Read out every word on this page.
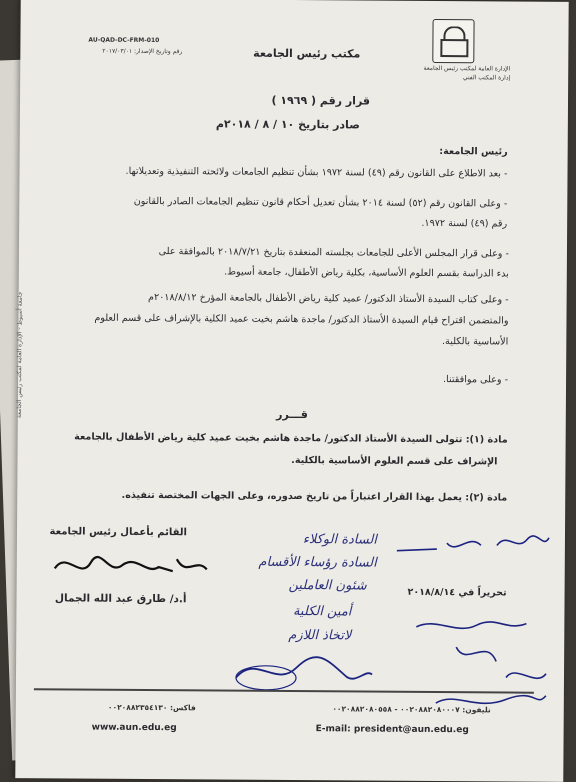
AU-QAD-DC-FRM-010
رقم وتاريخ الإصدار: ٢٠١٧/٠٣/٠١	مكتب رئيس الجامعة
الإدارة العامة لمكتب رئيس الجامعة
إدارة المكتب الفني
قرار رقم ( ١٩٦٩ )
صادر بتاريخ ١٠ / ٨ / ٢٠١٨م
رئيس الجامعة:
- بعد الاطلاع على القانون رقم (٤٩) لسنة ١٩٧٢ بشأن تنظيم الجامعات ولائحته التنفيذية وتعديلاتها.
- وعلى القانون رقم (٥٢) لسنة ٢٠١٤ بشأن تعديل أحكام قانون تنظيم الجامعات الصادر بالقانون
رقم (٤٩) لسنة ١٩٧٢.
- وعلى قرار المجلس الأعلى للجامعات بجلسته المنعقدة بتاريخ ٢٠١٨/٧/٢١ بالموافقة على
بدء الدراسة بقسم العلوم الأساسية، بكلية رياض الأطفال، جامعة أسيوط.
- وعلى كتاب السيدة الأستاذ الدكتور/ عميد كلية رياض الأطفال بالجامعة المؤرخ ٢٠١٨/٨/١٢م
والمتضمن اقتراح قيام السيدة الأستاذ الدكتور/ ماجدة هاشم بخيت عميد الكلية بالإشراف على قسم العلوم
الأساسية بالكلية.
- وعلى موافقتنا.
قـــرر
مادة (١): تتولى السيدة الأستاذ الدكتور/ ماجدة هاشم بخيت عميد كلية رياض الأطفال بالجامعة
الإشراف على قسم العلوم الأساسية بالكلية.
مادة (٢): يعمل بهذا القرار اعتباراً من تاريخ صدوره، وعلى الجهات المختصة تنفيذه.
القائم بأعمال رئيس الجامعة
أ.د/ طارق عبد الله الجمال
السادة الوكلاء
السادة رؤساء الأقسام
شئون العاملين
أمين الكلية
لاتخاذ اللازم
تحريراً في ٢٠١٨/٨/١٤
فاكس: ٠٠٢٠٨٨٢٣٥٤١٣٠	تليفون: ٠٠٢٠٨٨٢٠٨٠٠٠٧ - ٠٠٢٠٨٨٢٠٨٠٥٥٨
www.aun.edu.eg	E-mail: president@aun.edu.eg
جامعة أسيوط - الإدارة العامة لمكتب رئيس الجامعة
